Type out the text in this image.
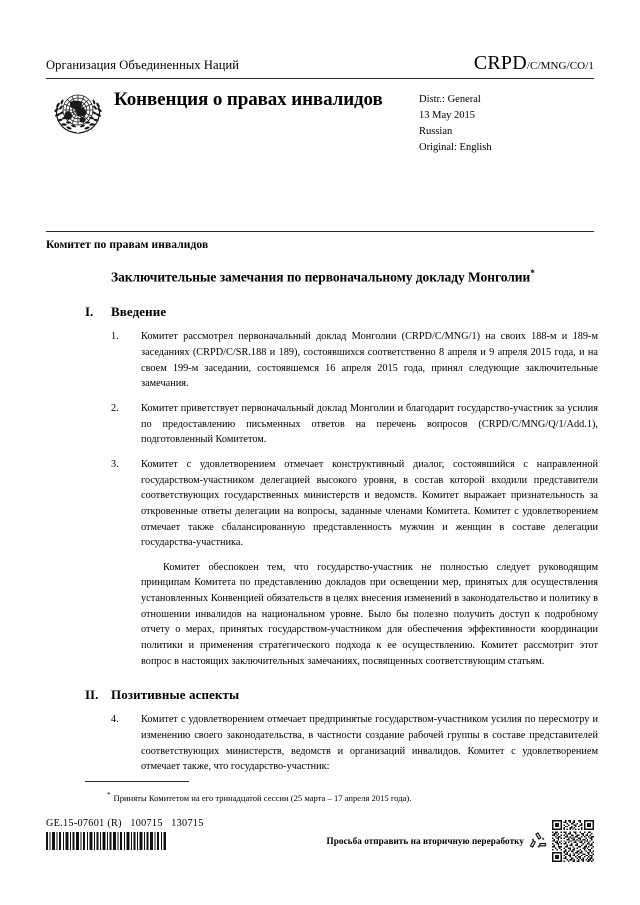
Организация Объединенных Наций	CRPD/C/MNG/CO/1
Конвенция о правах инвалидов	Distr.: General
13 May 2015
Russian
Original: English
Комитет по правам инвалидов
Заключительные замечания по первоначальному докладу Монголии*
I.	Введение
1.	Комитет рассмотрел первоначальный доклад Монголии (CRPD/C/MNG/1) на своих 188-м и 189-м заседаниях (CRPD/C/SR.188 и 189), состоявшихся соответственно 8 апреля и 9 апреля 2015 года, и на своем 199-м заседании, состоявшемся 16 апреля 2015 года, принял следующие заключительные замечания.
2.	Комитет приветствует первоначальный доклад Монголии и благодарит государство-участник за усилия по предоставлению письменных ответов на перечень вопросов (CRPD/C/MNG/Q/1/Add.1), подготовленный Комитетом.
3.	Комитет с удовлетворением отмечает конструктивный диалог, состоявшийся с направленной государством-участником делегацией высокого уровня, в состав которой входили представители соответствующих государственных министерств и ведомств. Комитет выражает признательность за откровенные ответы делегации на вопросы, заданные членами Комитета. Комитет с удовлетворением отмечает также сбалансированную представленность мужчин и женщин в составе делегации государства-участника.
Комитет обеспокоен тем, что государство-участник не полностью следует руководящим принципам Комитета по представлению докладов при освещении мер, принятых для осуществления установленных Конвенцией обязательств в целях внесения изменений в законодательство и политику в отношении инвалидов на национальном уровне. Было бы полезно получить доступ к подробному отчету о мерах, принятых государством-участником для обеспечения эффективности координации политики и применения стратегического подхода к ее осуществлению. Комитет рассмотрит этот вопрос в настоящих заключительных замечаниях, посвященных соответствующим статьям.
II. Позитивные аспекты
4.	Комитет с удовлетворением отмечает предпринятые государством-участником усилия по пересмотру и изменению своего законодательства, в частности создание рабочей группы в составе представителей соответствующих министерств, ведомств и организаций инвалидов. Комитет с удовлетворением отмечает также, что государство-участник:
* Приняты Комитетом на его тринадцатой сессии (25 марта – 17 апреля 2015 года).
GE.15-07601 (R) 100715   130715
Просьба отправить на вторичную переработку
